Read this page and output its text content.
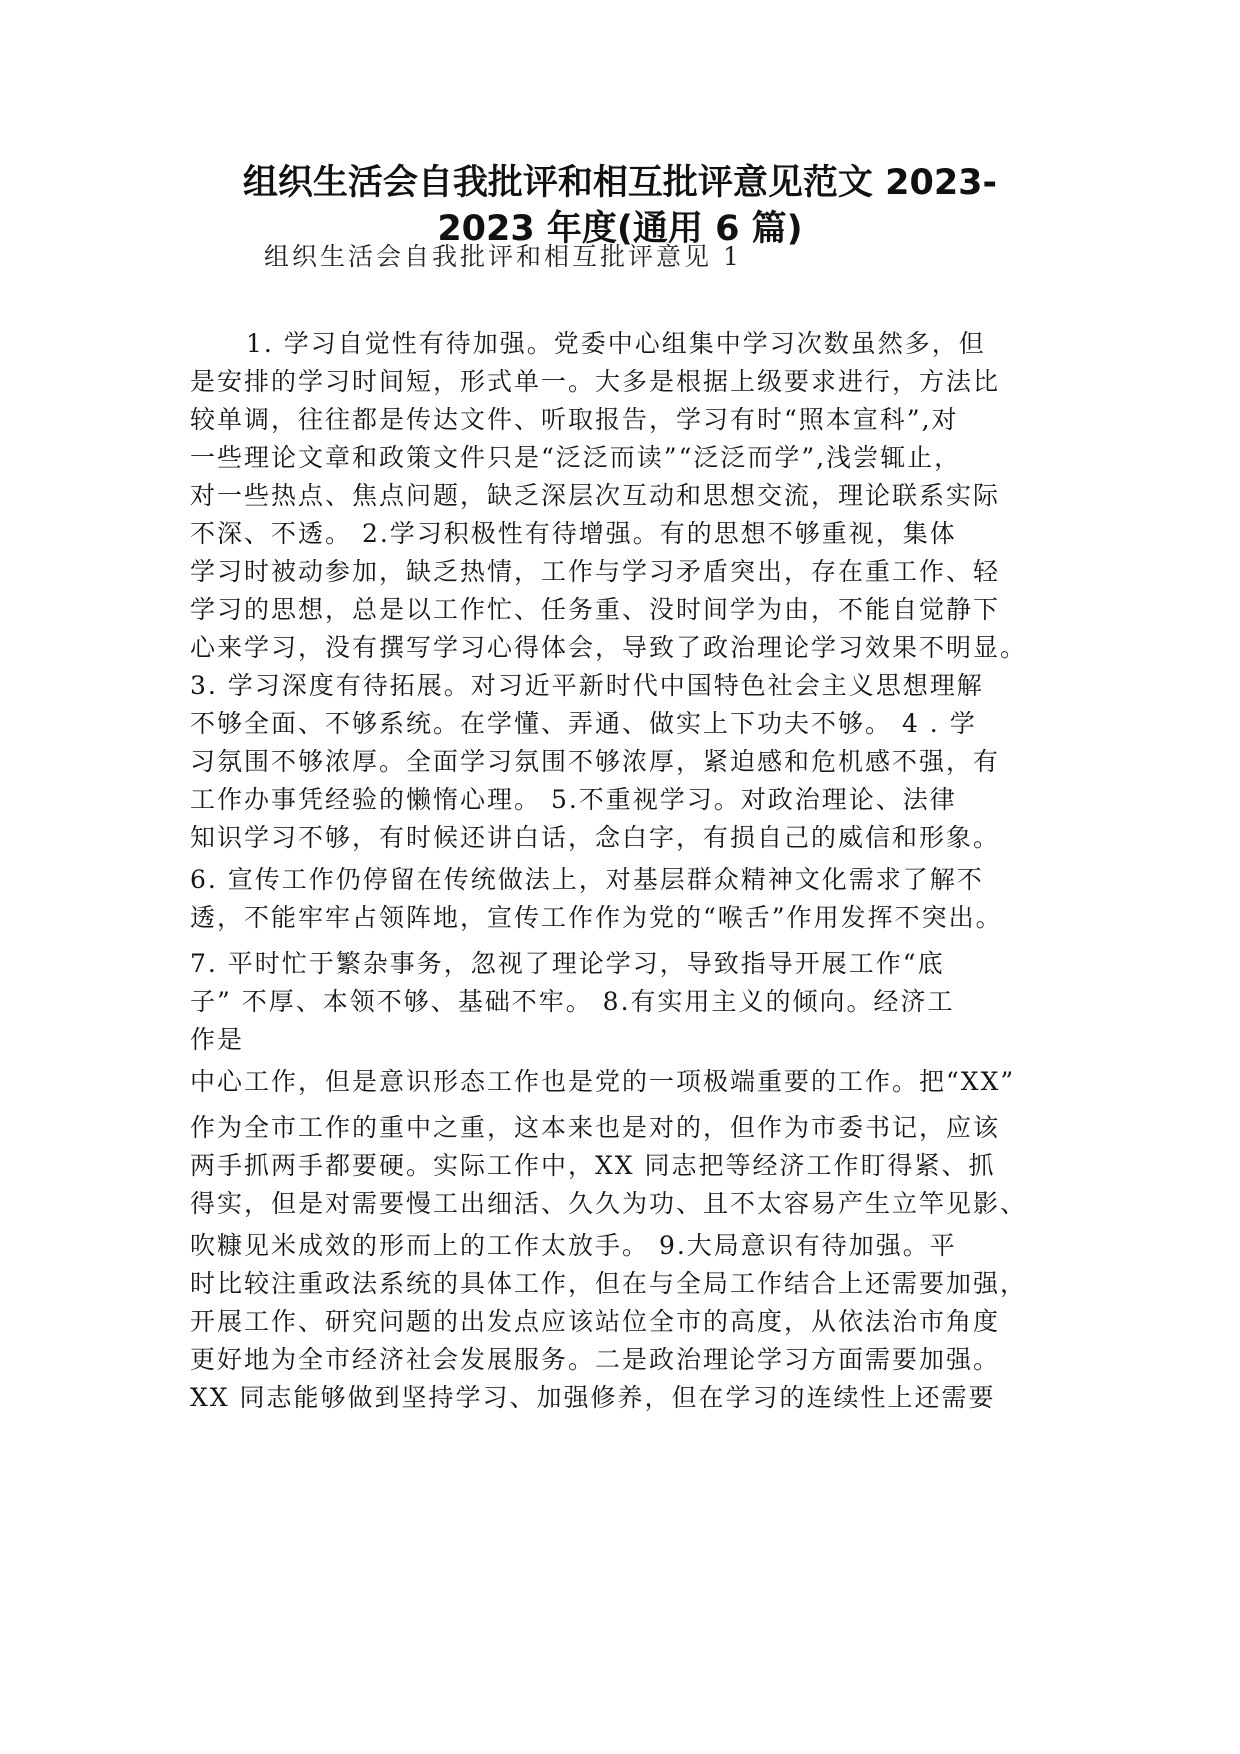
组织生活会自我批评和相互批评意见范文 2023-
2023 年度(通用 6 篇)
组织生活会自我批评和相互批评意见 1
1. 学习自觉性有待加强。党委中心组集中学习次数虽然多，但
是安排的学习时间短，形式单一。大多是根据上级要求进行，方法比
较单调，往往都是传达文件、听取报告，学习有时“照本宣科”,对
一些理论文章和政策文件只是“泛泛而读”“泛泛而学”,浅尝辄止，
对一些热点、焦点问题，缺乏深层次互动和思想交流，理论联系实际
不深、不透。 2.学习积极性有待增强。有的思想不够重视，集体
学习时被动参加，缺乏热情，工作与学习矛盾突出，存在重工作、轻
学习的思想，总是以工作忙、任务重、没时间学为由，不能自觉静下
心来学习，没有撰写学习心得体会，导致了政治理论学习效果不明显。
3. 学习深度有待拓展。对习近平新时代中国特色社会主义思想理解
不够全面、不够系统。在学懂、弄通、做实上下功夫不够。 4 . 学
习氛围不够浓厚。全面学习氛围不够浓厚，紧迫感和危机感不强，有
工作办事凭经验的懒惰心理。 5.不重视学习。对政治理论、法律
知识学习不够，有时候还讲白话，念白字，有损自己的威信和形象。
6. 宣传工作仍停留在传统做法上，对基层群众精神文化需求了解不
透，不能牢牢占领阵地，宣传工作作为党的“喉舌”作用发挥不突出。
7. 平时忙于繁杂事务，忽视了理论学习，导致指导开展工作“底
子” 不厚、本领不够、基础不牢。 8.有实用主义的倾向。经济工
作是
中心工作，但是意识形态工作也是党的一项极端重要的工作。把“XX”
作为全市工作的重中之重，这本来也是对的，但作为市委书记，应该
两手抓两手都要硬。实际工作中，XX 同志把等经济工作盯得紧、抓
得实，但是对需要慢工出细活、久久为功、且不太容易产生立竿见影、
吹糠见米成效的形而上的工作太放手。 9.大局意识有待加强。平
时比较注重政法系统的具体工作，但在与全局工作结合上还需要加强，
开展工作、研究问题的出发点应该站位全市的高度，从依法治市角度
更好地为全市经济社会发展服务。二是政治理论学习方面需要加强。
XX 同志能够做到坚持学习、加强修养，但在学习的连续性上还需要
